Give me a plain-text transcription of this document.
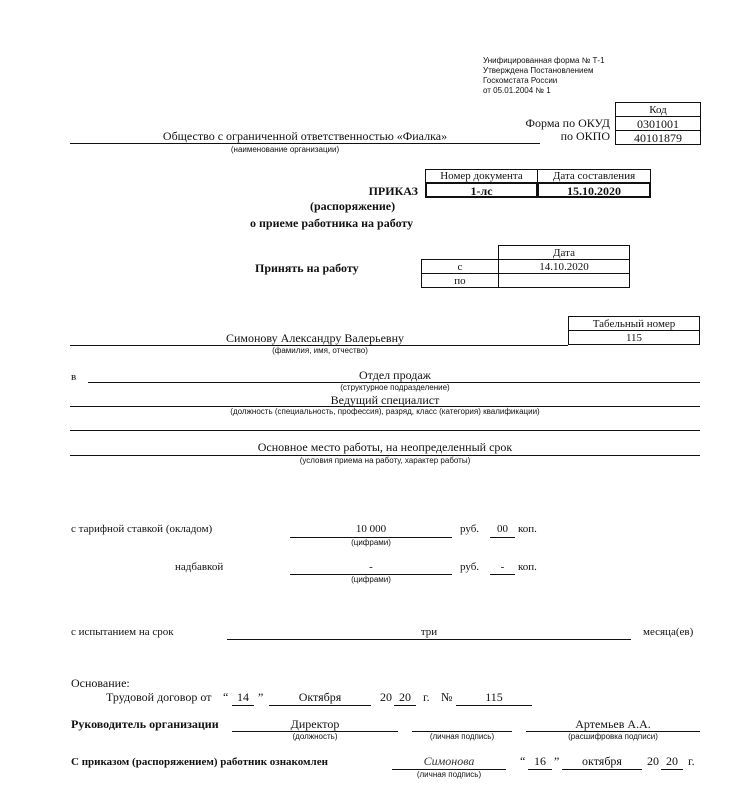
Унифицированная форма № Т-1
Утверждена Постановлением
Госкомстата России
от 05.01.2004 № 1
Код
Форма по ОКУД	0301001
по ОКПО	40101879
Общество с ограниченной ответственностью «Фиалка»
(наименование организации)
Номер документа	Дата составления
1-лс	15.10.2020
ПРИКАЗ
(распоряжение)
о приеме работника на работу
Принять на работу
Дата
с	14.10.2020
по
Табельный номер
115
Симонову Александру Валерьевну
(фамилия, имя, отчество)
в	Отдел продаж
(структурное подразделение)
Ведущий специалист
(должность (специальность, профессия), разряд, класс (категория) квалификации)
Основное место работы, на неопределенный срок
(условия приема на работу, характер работы)
с тарифной ставкой (окладом)	10 000
(цифрами)
руб.	00 коп.
надбавкой	-
(цифрами)
руб.	-	коп.
с испытанием на срок	три	месяца(ев)
Основание:
Трудовой договор от “ 14 ”	Октября	20 20	г. №	115
Руководитель организации	Директор
(должность)	(личная подпись)
Артемьев А.А.
(расшифровка подписи)
С приказом (распоряжением) работник ознакомлен	Симонова
(личная подпись)
“ 16 ”	октября	20 20 г.
